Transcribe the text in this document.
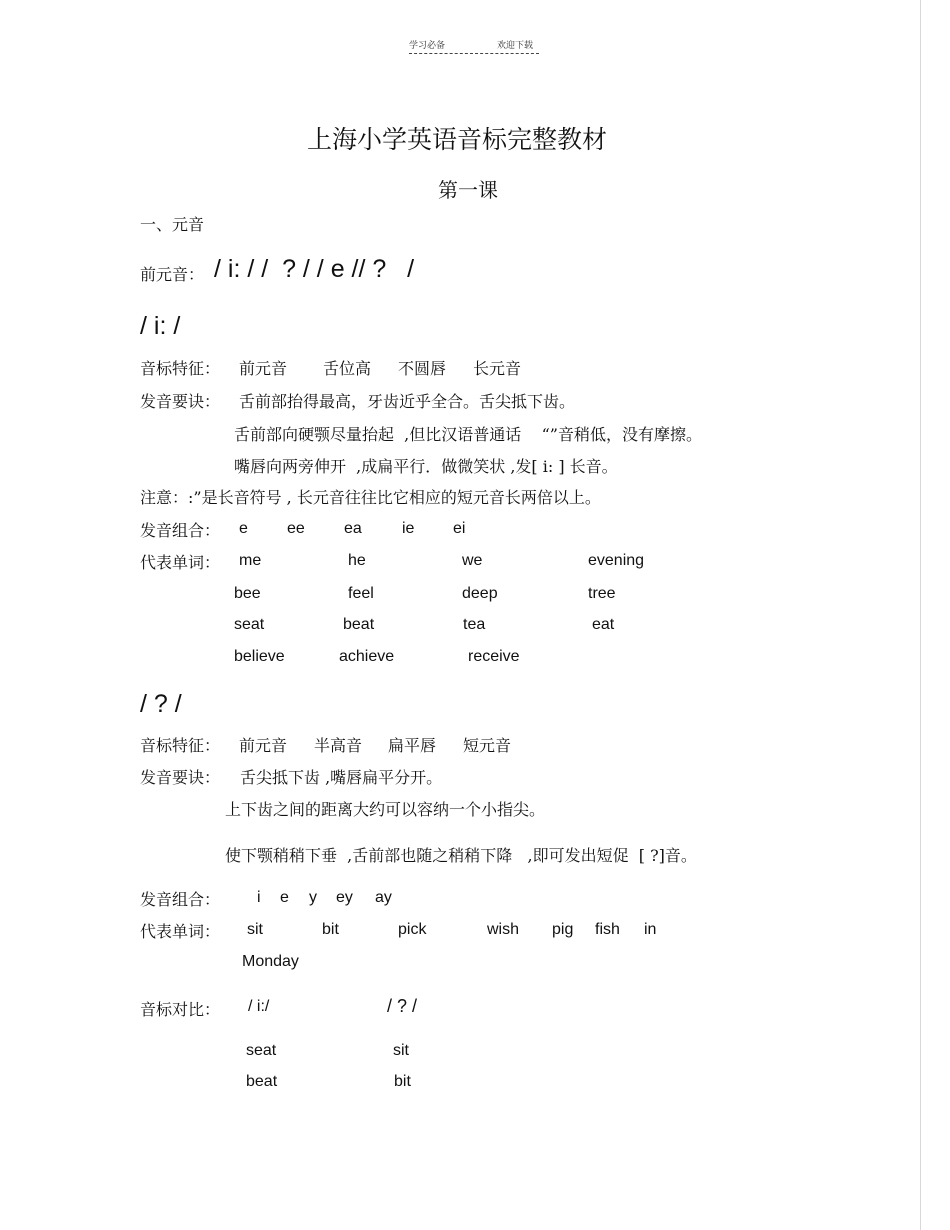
学习必备	欢迎下载
上海小学英语音标完整教材
第一课
一、元音
前元音： / i: / /  ? / / e // ?   /
/ i: /
音标特征： 前元音 舌位高 不圆唇 长元音
发音要诀： 舌前部抬得最高，牙齿近乎全合。舌尖抵下齿。
舌前部向硬颚尽量抬起  ,但比汉语普通话    “”音稍低，没有摩擦。
嘴唇向两旁伸开  ,成扁平行．做微笑状 ,发[ i: ] 长音。
注意：:”是长音符号 , 长元音往往比它相应的短元音长两倍以上。
发音组合： e ee ea	ie ei
代表单词： me	he	we	evening
bee	feel	deep	tree
seat	beat	tea	eat
believe	achieve	receive
/ ? /
音标特征： 前元音 半高音 扁平唇 短元音
发音要诀： 舌尖抵下齿 ,嘴唇扁平分开。
上下齿之间的距离大约可以容纳一个小指尖。
使下颚稍稍下垂  ,舌前部也随之稍稍下降   ,即可发出短促  [ ?]音。
发音组合： i e y ey ay
代表单词： sit	bit	pick	wish pig fish in
Monday
音标对比： / i:/	/ ? /
seat	sit
beat	bit
